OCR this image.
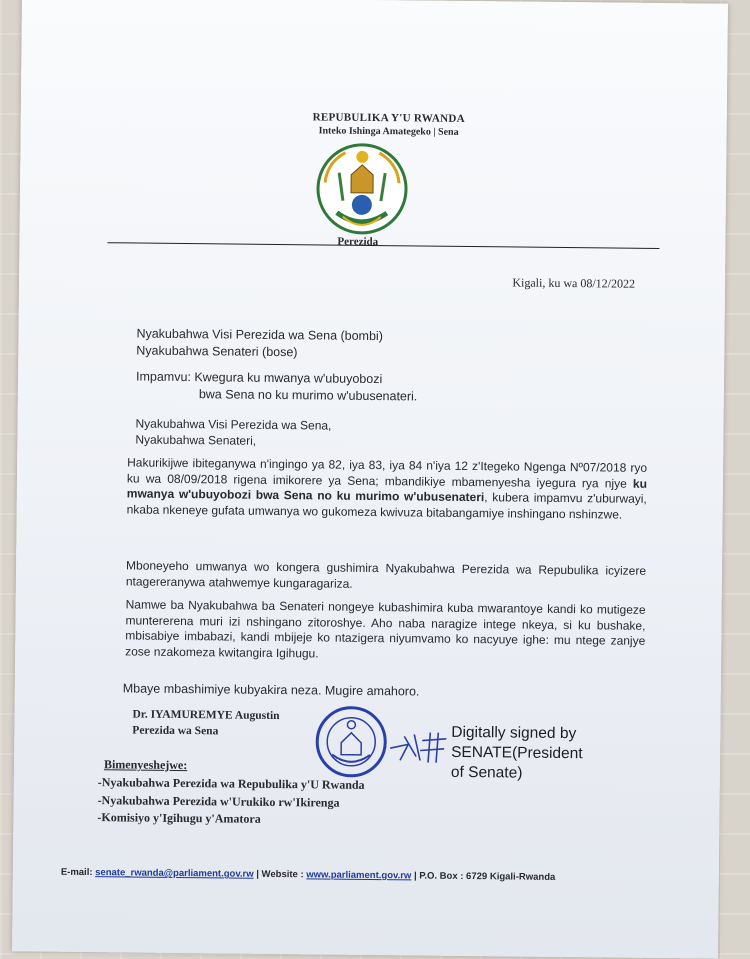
REPUBULIKA Y'U RWANDA
Inteko Ishinga Amategeko | Sena
Perezida
Kigali, ku wa 08/12/2022
Nyakubahwa Visi Perezida wa Sena (bombi)
Nyakubahwa Senateri (bose)
Impamvu: Kwegura ku mwanya w'ubuyobozi
bwa Sena no ku murimo w'ubusenateri.
Nyakubahwa Visi Perezida wa Sena,
Nyakubahwa Senateri,
Hakurikijwe ibiteganywa n'ingingo ya 82, iya 83, iya 84 n'iya 12 z'Itegeko Ngenga Nº07/2018 ryo ku wa 08/09/2018 rigena imikorere ya Sena; mbandikiye mbamenyesha iyegura rya njye ku mwanya w'ubuyobozi bwa Sena no ku murimo w'ubusenateri, kubera impamvu z'uburwayi, nkaba nkeneye gufata umwanya wo gukomeza kwivuza bitabangamiye inshingano nshinzwe.
Mboneyeho umwanya wo kongera gushimira Nyakubahwa Perezida wa Repubulika icyizere ntagereranywa atahwemye kungaragariza.
Namwe ba Nyakubahwa ba Senateri nongeye kubashimira kuba mwarantoye kandi ko mutigeze muntererena muri izi nshingano zitoroshye. Aho naba naragize intege nkeya, si ku bushake, mbisabiye imbabazi, kandi mbijeje ko ntazigera niyumvamo ko nacyuye ighe: mu ntege zanjye zose nzakomeza kwitangira Igihugu.
Mbaye mbashimiye kubyakira neza. Mugire amahoro.
Dr. IYAMUREMYE Augustin
Perezida wa Sena	Digitally signed by
SENATE(President
of Senate)
Bimenyeshejwe:
-Nyakubahwa Perezida wa Repubulika y'U Rwanda
-Nyakubahwa Perezida w'Urukiko rw'Ikirenga
-Komisiyo y'Igihugu y'Amatora
E-mail: senate_rwanda@parliament.gov.rw | Website : www.parliament.gov.rw | P.O. Box : 6729 Kigali-Rwanda
